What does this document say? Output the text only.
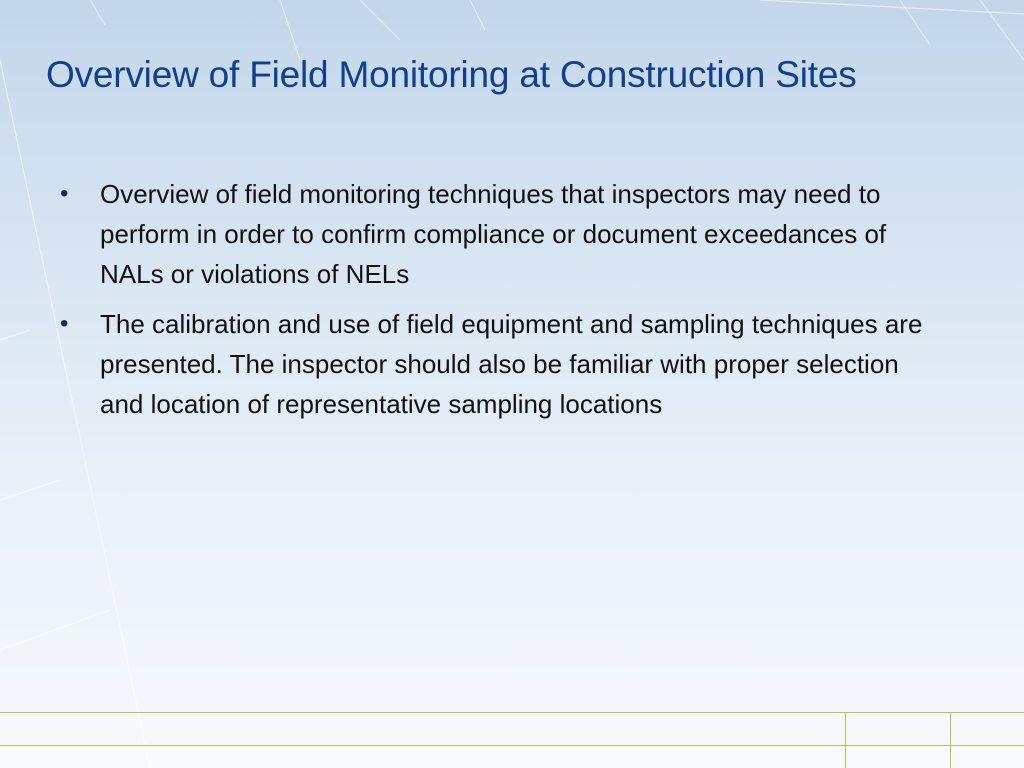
Overview of Field Monitoring at Construction Sites
•	Overview of field monitoring techniques that inspectors may need to perform in order to confirm compliance or document exceedances of NALs or violations of NELs
•	The calibration and use of field equipment and sampling techniques are presented. The inspector should also be familiar with proper selection and location of representative sampling locations
